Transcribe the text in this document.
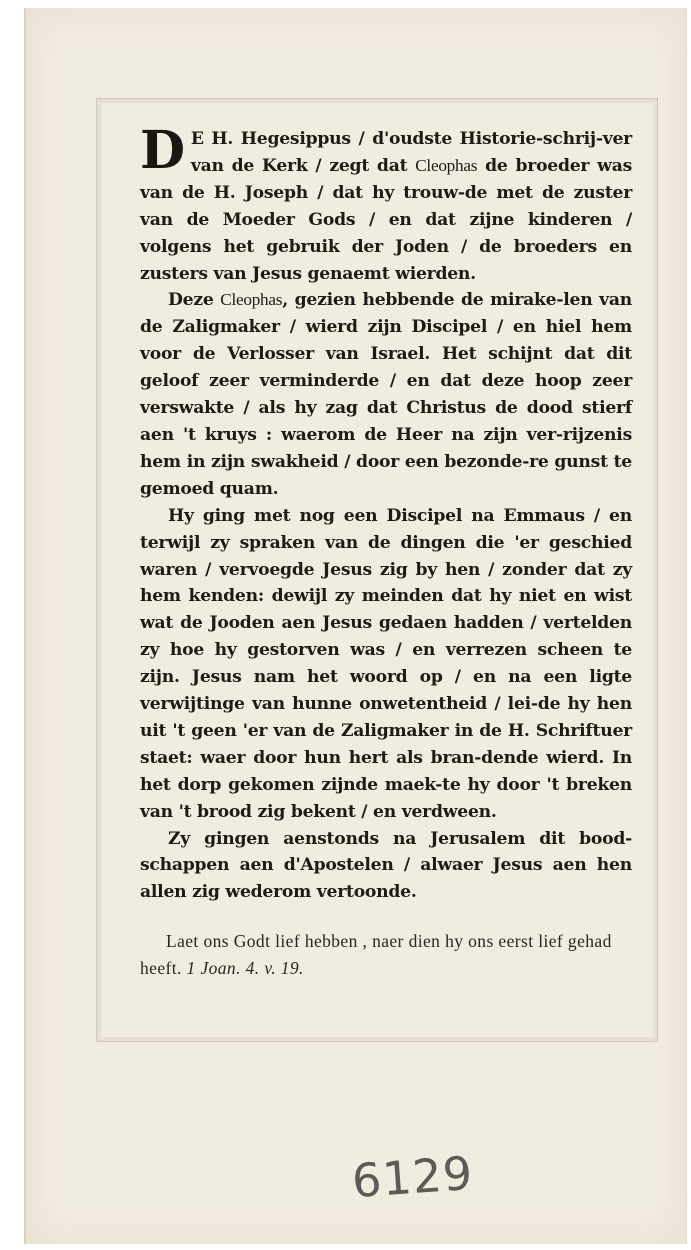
D E H. Hegesippus / d'oudste Historie-schrij-ver van de Kerk / zegt dat Cleophas de broeder was van de H. Joseph / dat hy trouw-de met de zuster van de Moeder Gods / en dat zijne kinderen / volgens het gebruik der Joden / de broeders en zusters van Jesus genaemt wierden.

Deze Cleophas, gezien hebbende de mirake-len van de Zaligmaker / wierd zijn Discipel / en hiel hem voor de Verlosser van Israel. Het schijnt dat dit geloof zeer verminderde / en dat deze hoop zeer verswakte / als hy zag dat Christus de dood stierf aen 't kruys : waerom de Heer na zijn ver-rijzenis hem in zijn swakheid / door een bezonde-re gunst te gemoed quam.

Hy ging met nog een Discipel na Emmaus / en terwijl zy spraken van de dingen die 'er geschied waren / vervoegde Jesus zig by hen / zonder dat zy hem kenden: dewijl zy meinden dat hy niet en wist wat de Jooden aen Jesus gedaen hadden / vertelden zy hoe hy gestorven was / en verrezen scheen te zijn. Jesus nam het woord op / en na een ligte verwijtinge van hunne onwetentheid / lei-de hy hen uit 't geen 'er van de Zaligmaker in de H. Schriftuer staet: waer door hun hert als bran-dende wierd. In het dorp gekomen zijnde maek-te hy door 't breken van 't brood zig bekent / en verdween.

Zy gingen aenstonds na Jerusalem dit bood-schappen aen d'Apostelen / alwaer Jesus aen hen allen zig wederom vertoonde.

Laet ons Godt lief hebben , naer dien hy ons eerst lief gehad heeft. 1 Joan. 4. v. 19.

6129
